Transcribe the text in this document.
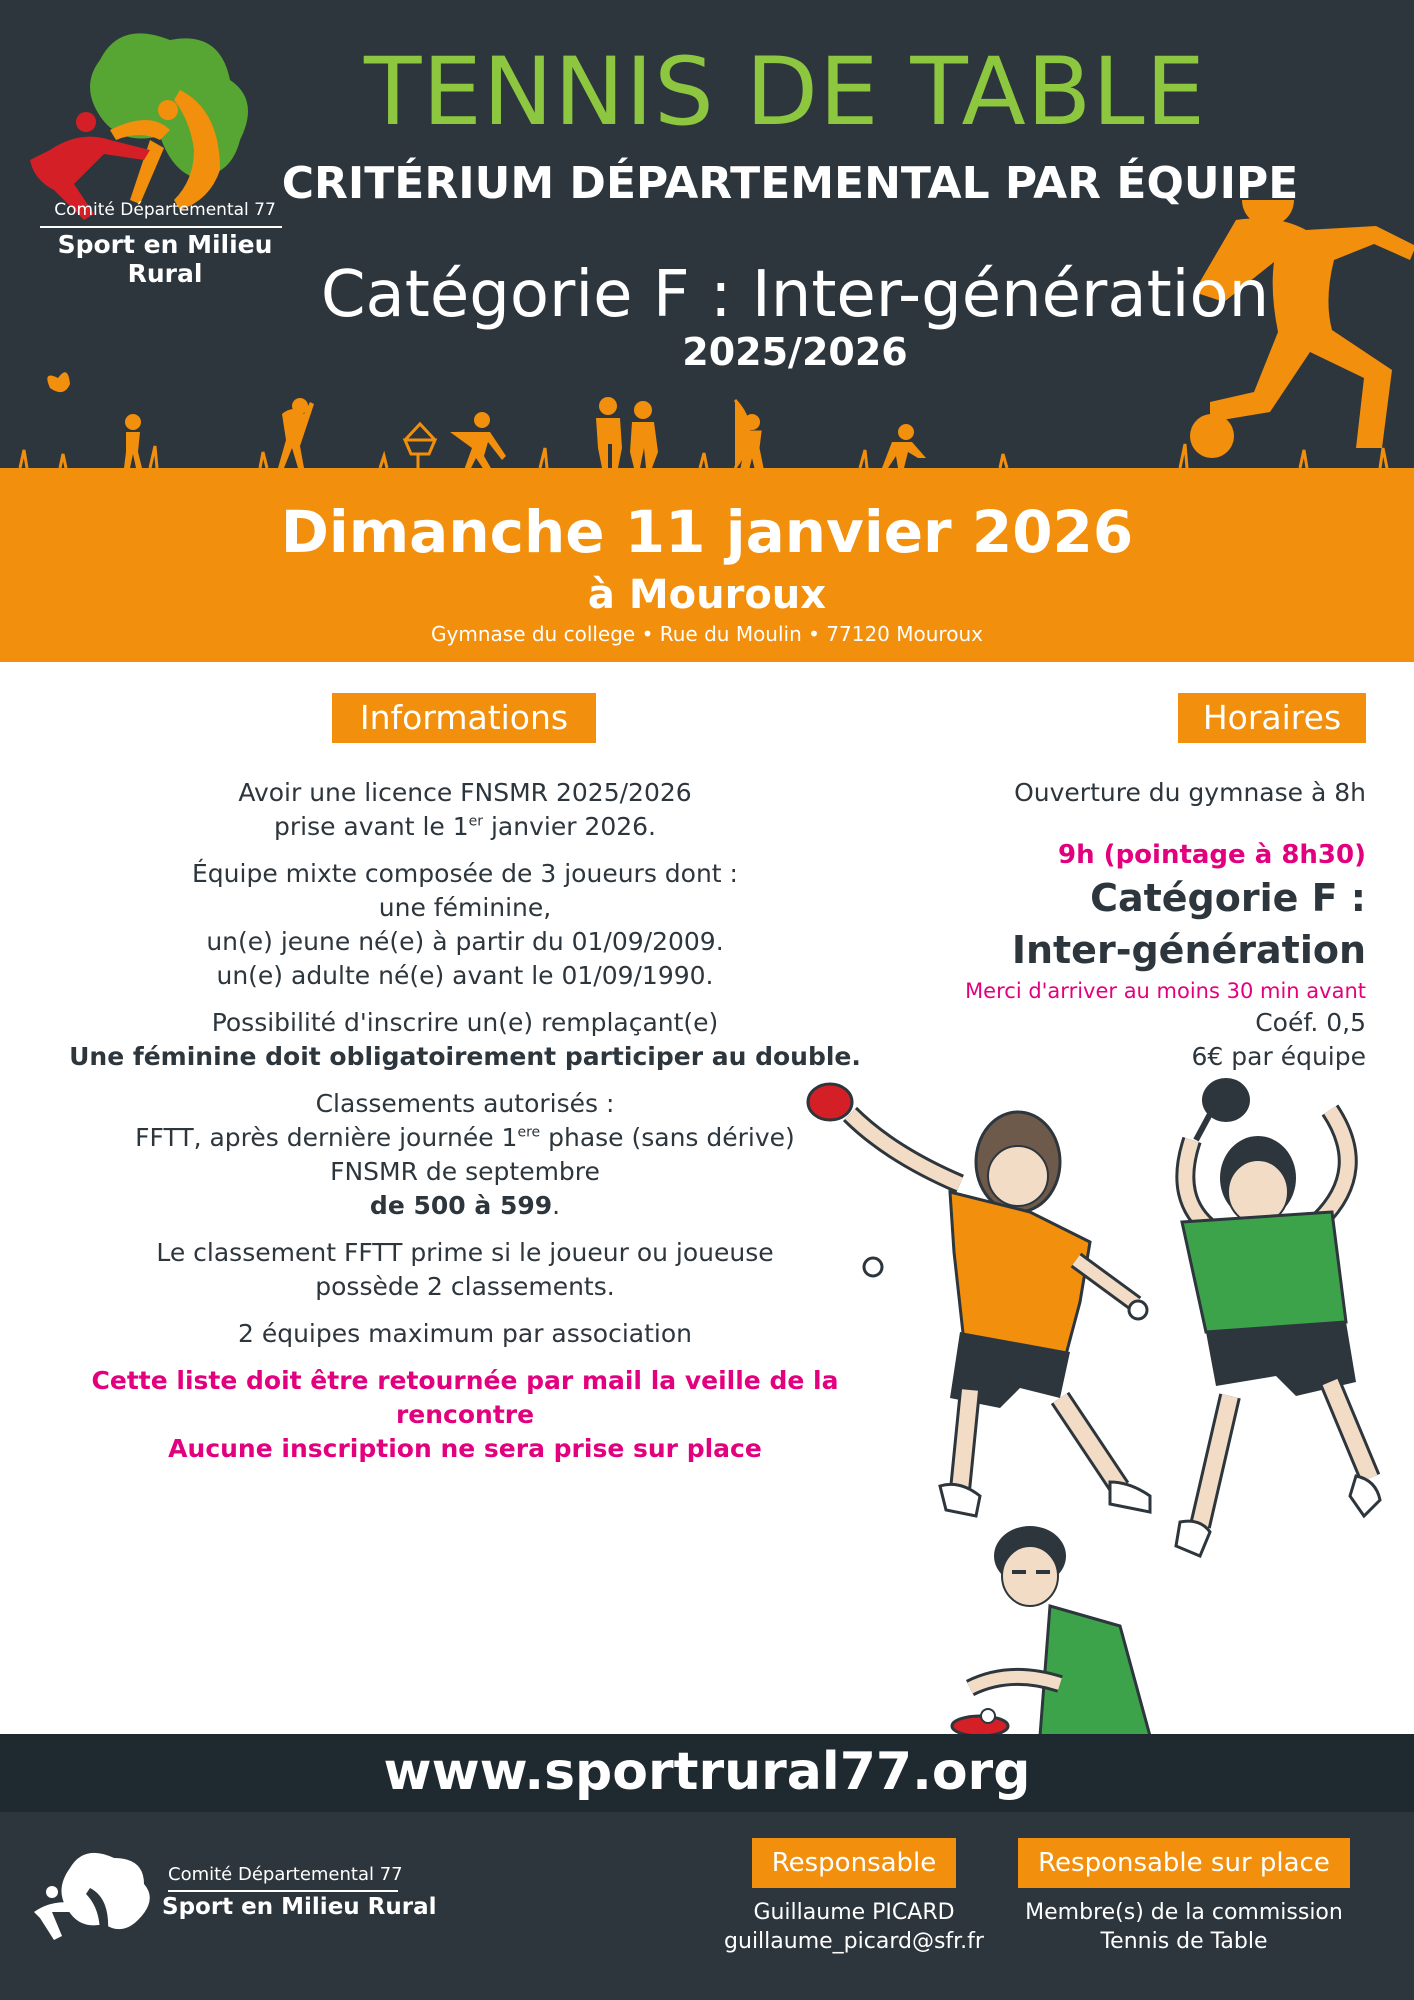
Comité Départemental 77
Sport en Milieu Rural
TENNIS DE TABLE
CRITÉRIUM DÉPARTEMENTAL PAR ÉQUIPE
Catégorie F : Inter-génération
2025/2026
Dimanche 11 janvier 2026
à Mouroux
Gymnase du college • Rue du Moulin • 77120 Mouroux
Informations	Horaires

Avoir une licence FNSMR 2025/2026
prise avant le 1er janvier 2026.

Équipe mixte composée de 3 joueurs dont :
une féminine,
un(e) jeune né(e) à partir du 01/09/2009.
un(e) adulte né(e) avant le 01/09/1990.

Possibilité d'inscrire un(e) remplaçant(e)
Une féminine doit obligatoirement participer au double.

Classements autorisés :
FFTT, après dernière journée 1ere phase (sans dérive)
FNSMR de septembre
de 500 à 599.

Le classement FFTT prime si le joueur ou joueuse
possède 2 classements.

2 équipes maximum par association

Cette liste doit être retournée par mail la veille de la rencontre
Aucune inscription ne sera prise sur place

Ouverture du gymnase à 8h
9h (pointage à 8h30)
Catégorie F :
Inter-génération
Merci d'arriver au moins 30 min avant
Coéf. 0,5
6€ par équipe
www.sportrural77.org
Comité Départemental 77
Sport en Milieu Rural
Responsable
Guillaume PICARD
guillaume_picard@sfr.fr
Responsable sur place
Membre(s) de la commission
Tennis de Table
